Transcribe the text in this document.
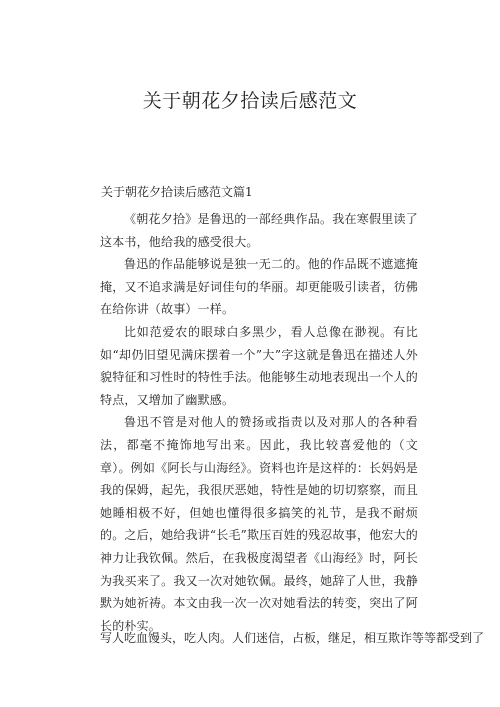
关于朝花夕拾读后感范文
关于朝花夕拾读后感范文篇1

《朝花夕拾》是鲁迅的一部经典作品。我在寒假里读了这本书，他给我的感受很大。

鲁迅的作品能够说是独一无二的。他的作品既不遮遮掩掩，又不追求满是好词佳句的华丽。却更能吸引读者，彷佛在给你讲（故事）一样。

比如范爱农的眼球白多黑少，看人总像在渺视。有比如“却仍旧望见满床摆着一个”大”字这就是鲁迅在描述人外貌特征和习性时的特性手法。他能够生动地表现出一个人的特点，又增加了幽默感。

鲁迅不管是对他人的赞扬或指责以及对那人的各种看法，都毫不掩饰地写出来。因此，我比较喜爱他的（文章）。例如《阿长与山海经》。资料也许是这样的：长妈妈是我的保姆，起先，我很厌恶她，特性是她的切切察察，而且她睡相极不好，但她也懂得很多搞笑的礼节，是我不耐烦的。之后，她给我讲“长毛”欺压百姓的残忍故事，他宏大的神力让我钦佩。然后，在我极度渴望者《山海经》时，阿长为我买来了。我又一次对她钦佩。最终，她辞了人世，我静默为她祈祷。本文由我一次一次对她看法的转变，突出了阿长的朴实。

写人吃血馒头，吃人肉。人们迷信，占板，继足，相互欺诈等等都受到了
